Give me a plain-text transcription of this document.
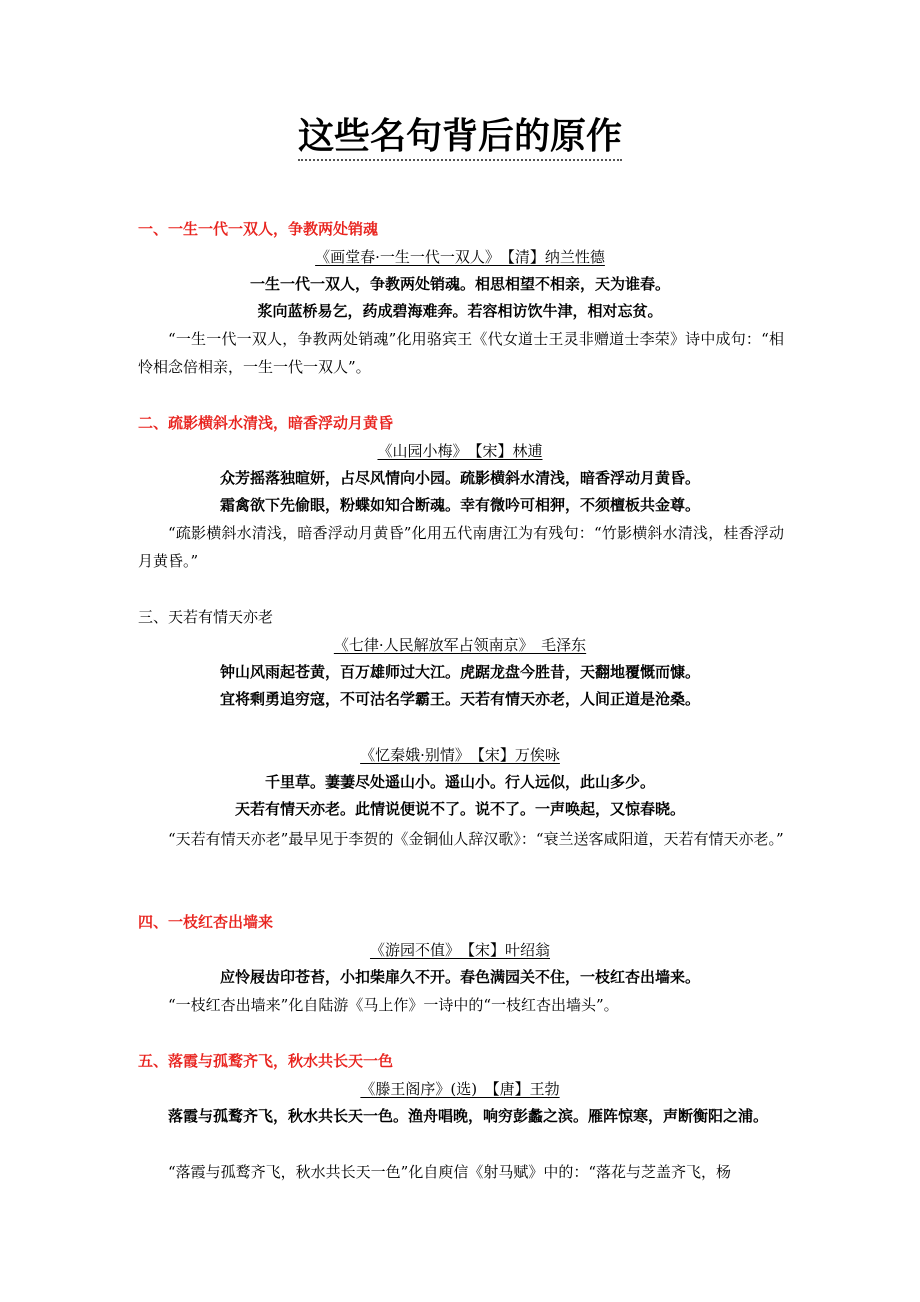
这些名句背后的原作
一、一生一代一双人，争教两处销魂
《画堂春·一生一代一双人》　【清】纳兰性德
一生一代一双人，争教两处销魂。相思相望不相亲，天为谁春。
浆向蓝桥易乞，药成碧海难奔。若容相访饮牛津，相对忘贫。
“一生一代一双人，争教两处销魂”化用骆宾王《代女道士王灵非赠道士李荣》诗中成句：“相怜相念倍相亲，一生一代一双人”。
二、疏影横斜水清浅，暗香浮动月黄昏
《山园小梅》　【宋】林逋
众芳摇落独暄妍，占尽风情向小园。疏影横斜水清浅，暗香浮动月黄昏。
霜禽欲下先偷眼，粉蝶如知合断魂。幸有微吟可相狎，不须檀板共金尊。
“疏影横斜水清浅，暗香浮动月黄昏”化用五代南唐江为有残句：“竹影横斜水清浅，桂香浮动月黄昏。”
三、天若有情天亦老
《七律·人民解放军占领南京》　毛泽东
钟山风雨起苍黄，百万雄师过大江。虎踞龙盘今胜昔，天翻地覆慨而慷。
宜将剩勇追穷寇，不可沽名学霸王。天若有情天亦老，人间正道是沧桑。
《忆秦娥·别情》　【宋】万俟咏
千里草。萋萋尽处遥山小。遥山小。行人远似，此山多少。
天若有情天亦老。此情说便说不了。说不了。一声唤起，又惊春晓。
“天若有情天亦老”最早见于李贺的《金铜仙人辞汉歌》：“衰兰送客咸阳道，天若有情天亦老。”
四、一枝红杏出墙来
《游园不值》　【宋】叶绍翁
应怜屐齿印苍苔，小扣柴扉久不开。春色满园关不住，一枝红杏出墙来。
“一枝红杏出墙来”化自陆游《马上作》一诗中的“一枝红杏出墙头”。
五、落霞与孤鹜齐飞，秋水共长天一色
《滕王阁序》(选)　【唐】王勃
落霞与孤鹜齐飞，秋水共长天一色。渔舟唱晚，响穷彭蠡之滨。雁阵惊寒，声断衡阳之浦。
“落霞与孤鹜齐飞，秋水共长天一色”化自庾信《射马赋》中的：“落花与芝盖齐飞，杨
